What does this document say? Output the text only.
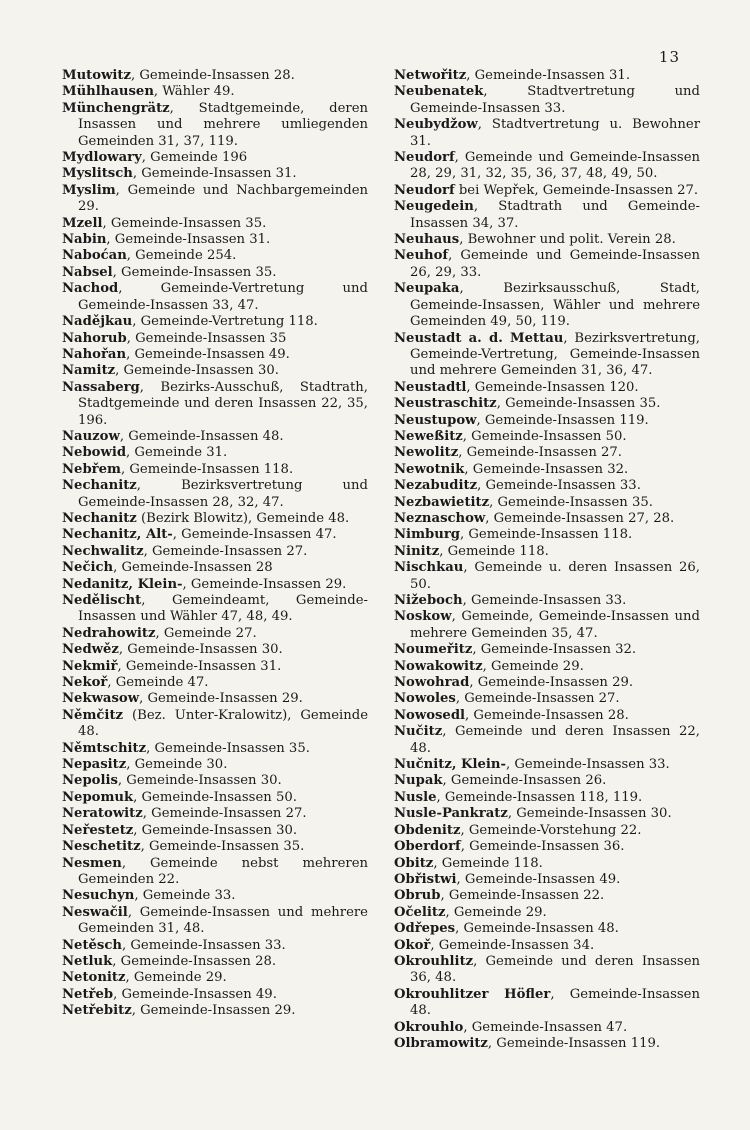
13
Mutowitz, Gemeinde-Insassen 28.
Mühlhausen, Wähler 49.
Münchengrätz, Stadtgemeinde, deren Insassen und mehrere umliegenden Gemeinden 31, 37, 119.
Mydlowary, Gemeinde 196
Myslitsch, Gemeinde-Insassen 31.
Myslim, Gemeinde und Nachbargemeinden 29.
Mzell, Gemeinde-Insassen 35.
Nabin, Gemeinde-Insassen 31.
Naboćan, Gemeinde 254.
Nabsel, Gemeinde-Insassen 35.
Nachod, Gemeinde-Vertretung und Gemeinde-Insassen 33, 47.
Nadějkau, Gemeinde-Vertretung 118.
Nahorub, Gemeinde-Insassen 35
Nahořan, Gemeinde-Insassen 49.
Namitz, Gemeinde-Insassen 30.
Nassaberg, Bezirks-Ausschuß, Stadtrath, Stadtgemeinde und deren Insassen 22, 35, 196.
Nauzow, Gemeinde-Insassen 48.
Nebowid, Gemeinde 31.
Nebřem, Gemeinde-Insassen 118.
Nechanitz, Bezirksvertretung und Gemeinde-Insassen 28, 32, 47.
Nechanitz (Bezirk Blowitz), Gemeinde 48.
Nechanitz, Alt-, Gemeinde-Insassen 47.
Nechwalitz, Gemeinde-Insassen 27.
Nečich, Gemeinde-Insassen 28
Nedanitz, Klein-, Gemeinde-Insassen 29.
Nedělischt, Gemeindeamt, Gemeinde-Insassen und Wähler 47, 48, 49.
Nedrahowitz, Gemeinde 27.
Nedwěz, Gemeinde-Insassen 30.
Nekmiř, Gemeinde-Insassen 31.
Nekoř, Gemeinde 47.
Nekwasow, Gemeinde-Insassen 29.
Němčitz (Bez. Unter-Kralowitz), Gemeinde 48.
Němtschitz, Gemeinde-Insassen 35.
Nepasitz, Gemeinde 30.
Nepolis, Gemeinde-Insassen 30.
Nepomuk, Gemeinde-Insassen 50.
Neratowitz, Gemeinde-Insassen 27.
Neřestetz, Gemeinde-Insassen 30.
Neschetitz, Gemeinde-Insassen 35.
Nesmen, Gemeinde nebst mehreren Gemeinden 22.
Nesuchyn, Gemeinde 33.
Neswačil, Gemeinde-Insassen und mehrere Gemeinden 31, 48.
Netěsch, Gemeinde-Insassen 33.
Netluk, Gemeinde-Insassen 28.
Netonitz, Gemeinde 29.
Netřeb, Gemeinde-Insassen 49.
Netřebitz, Gemeinde-Insassen 29.
Netwořitz, Gemeinde-Insassen 31.
Neubenatek, Stadtvertretung und Gemeinde-Insassen 33.
Neubydžow, Stadtvertretung u. Bewohner 31.
Neudorf, Gemeinde und Gemeinde-Insassen 28, 29, 31, 32, 35, 36, 37, 48, 49, 50.
Neudorf bei Wepřek, Gemeinde-Insassen 27.
Neugedein, Stadtrath und Gemeinde-Insassen 34, 37.
Neuhaus, Bewohner und polit. Verein 28.
Neuhof, Gemeinde und Gemeinde-Insassen 26, 29, 33.
Neupaka, Bezirksausschuß, Stadt, Gemeinde-Insassen, Wähler und mehrere Gemeinden 49, 50, 119.
Neustadt a. d. Mettau, Bezirksvertretung, Gemeinde-Vertretung, Gemeinde-Insassen und mehrere Gemeinden 31, 36, 47.
Neustadtl, Gemeinde-Insassen 120.
Neustraschitz, Gemeinde-Insassen 35.
Neustupow, Gemeinde-Insassen 119.
Neweßitz, Gemeinde-Insassen 50.
Newolitz, Gemeinde-Insassen 27.
Newotnik, Gemeinde-Insassen 32.
Nezabuditz, Gemeinde-Insassen 33.
Nezbawietitz, Gemeinde-Insassen 35.
Neznaschow, Gemeinde-Insassen 27, 28.
Nimburg, Gemeinde-Insassen 118.
Ninitz, Gemeinde 118.
Nischkau, Gemeinde u. deren Insassen 26, 50.
Nižeboch, Gemeinde-Insassen 33.
Noskow, Gemeinde, Gemeinde-Insassen und mehrere Gemeinden 35, 47.
Noumeřitz, Gemeinde-Insassen 32.
Nowakowitz, Gemeinde 29.
Nowohrad, Gemeinde-Insassen 29.
Nowoles, Gemeinde-Insassen 27.
Nowosedl, Gemeinde-Insassen 28.
Nučitz, Gemeinde und deren Insassen 22, 48.
Nučnitz, Klein-, Gemeinde-Insassen 33.
Nupak, Gemeinde-Insassen 26.
Nusle, Gemeinde-Insassen 118, 119.
Nusle-Pankratz, Gemeinde-Insassen 30.
Obdenitz, Gemeinde-Vorstehung 22.
Oberdorf, Gemeinde-Insassen 36.
Obitz, Gemeinde 118.
Obřistwi, Gemeinde-Insassen 49.
Obrub, Gemeinde-Insassen 22.
Očelitz, Gemeinde 29.
Odřepes, Gemeinde-Insassen 48.
Okoř, Gemeinde-Insassen 34.
Okrouhlitz, Gemeinde und deren Insassen 36, 48.
Okrouhlitzer Höfler, Gemeinde-Insassen 48.
Okrouhlo, Gemeinde-Insassen 47.
Olbramowitz, Gemeinde-Insassen 119.
